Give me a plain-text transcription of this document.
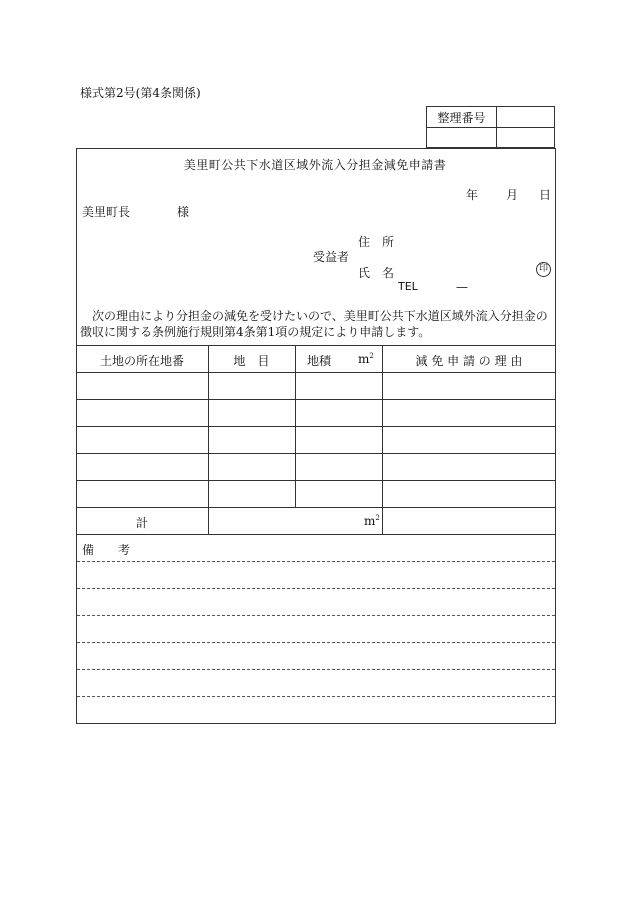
様式第2号(第4条関係)
整理番号
美里町公共下水道区域外流入分担金減免申請書
年 月 日
美里町長	様
住　所
受益者
氏　名	印
TEL	—
次の理由により分担金の減免を受けたいので、美里町公共下水道区域外流入分担金の徴収に関する条例施行規則第4条第1項の規定により申請します。
土地の所在地番	地　目	地積 $m^2$	減 免 申 請 の 理 由
計	$m^2$
備　　考
